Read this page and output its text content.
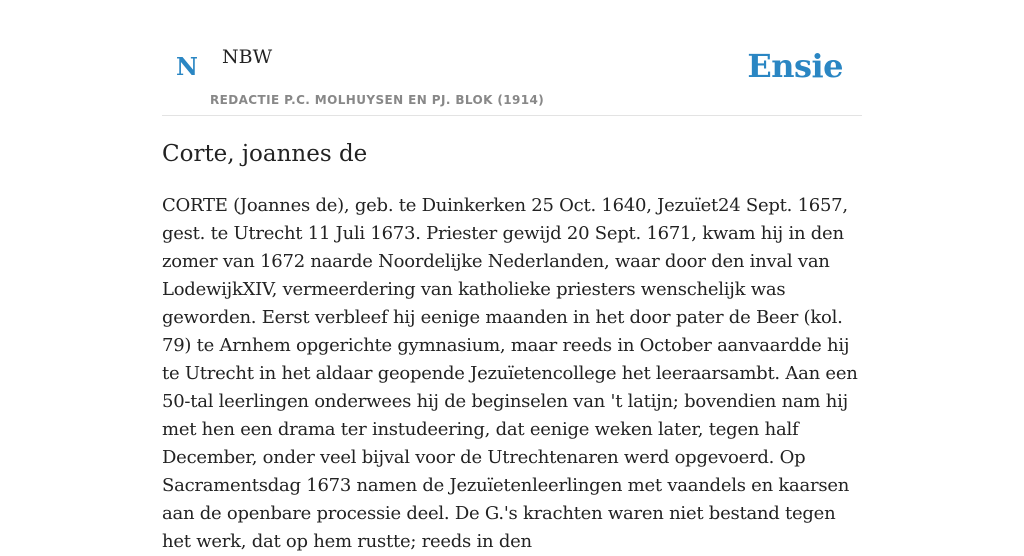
N NBW
REDACTIE P.C. MOLHUYSEN EN PJ. BLOK (1914)
Ensie
Corte, joannes de

CORTE (Joannes de), geb. te Duinkerken 25 Oct. 1640, Jezuïet24 Sept. 1657, gest. te Utrecht 11 Juli 1673. Priester gewijd 20 Sept. 1671, kwam hij in den zomer van 1672 naarde Noordelijke Nederlanden, waar door den inval van LodewijkXIV, vermeerdering van katholieke priesters wenschelijk was geworden. Eerst verbleef hij eenige maanden in het door pater de Beer (kol. 79) te Arnhem opgerichte gymnasium, maar reeds in October aanvaardde hij te Utrecht in het aldaar geopende Jezuïetencollege het leeraarsambt. Aan een 50-tal leerlingen onderwees hij de beginselen van 't latijn; bovendien nam hij met hen een drama ter instudeering, dat eenige weken later, tegen half December, onder veel bijval voor de Utrechtenaren werd opgevoerd. Op Sacramentsdag 1673 namen de Jezuïetenleerlingen met vaandels en kaarsen aan de openbare processie deel. De G.'s krachten waren niet bestand tegen het werk, dat op hem rustte; reeds in den
